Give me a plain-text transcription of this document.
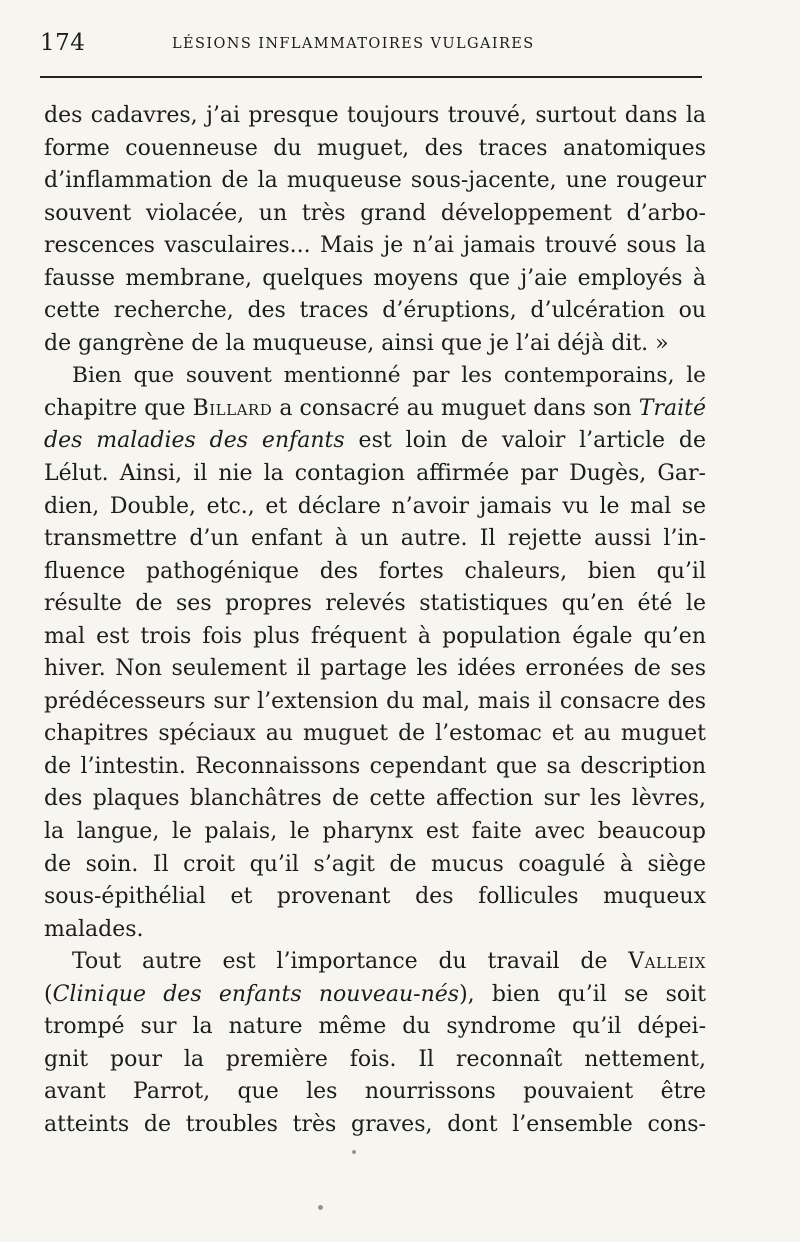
174	LÉSIONS INFLAMMATOIRES VULGAIRES
des cadavres, j’ai presque toujours trouvé, surtout dans la
forme couenneuse du muguet, des traces anatomiques
d’inflammation de la muqueuse sous-jacente, une rougeur
souvent violacée, un très grand développement d’arbo-
rescences vasculaires... Mais je n’ai jamais trouvé sous la
fausse membrane, quelques moyens que j’aie employés à
cette recherche, des traces d’éruptions, d’ulcération ou
de gangrène de la muqueuse, ainsi que je l’ai déjà dit. »
Bien que souvent mentionné par les contemporains, le
chapitre que Billard a consacré au muguet dans son Traité
des maladies des enfants est loin de valoir l’article de
Lélut. Ainsi, il nie la contagion affirmée par Dugès, Gar-
dien, Double, etc., et déclare n’avoir jamais vu le mal se
transmettre d’un enfant à un autre. Il rejette aussi l’in-
fluence pathogénique des fortes chaleurs, bien qu’il
résulte de ses propres relevés statistiques qu’en été le
mal est trois fois plus fréquent à population égale qu’en
hiver. Non seulement il partage les idées erronées de ses
prédécesseurs sur l’extension du mal, mais il consacre des
chapitres spéciaux au muguet de l’estomac et au muguet
de l’intestin. Reconnaissons cependant que sa description
des plaques blanchâtres de cette affection sur les lèvres,
la langue, le palais, le pharynx est faite avec beaucoup
de soin. Il croit qu’il s’agit de mucus coagulé à siège
sous-épithélial et provenant des follicules muqueux
malades.
Tout autre est l’importance du travail de Valleix
(Clinique des enfants nouveau-nés), bien qu’il se soit
trompé sur la nature même du syndrome qu’il dépei-
gnit pour la première fois. Il reconnaît nettement,
avant Parrot, que les nourrissons pouvaient être
atteints de troubles très graves, dont l’ensemble cons-
